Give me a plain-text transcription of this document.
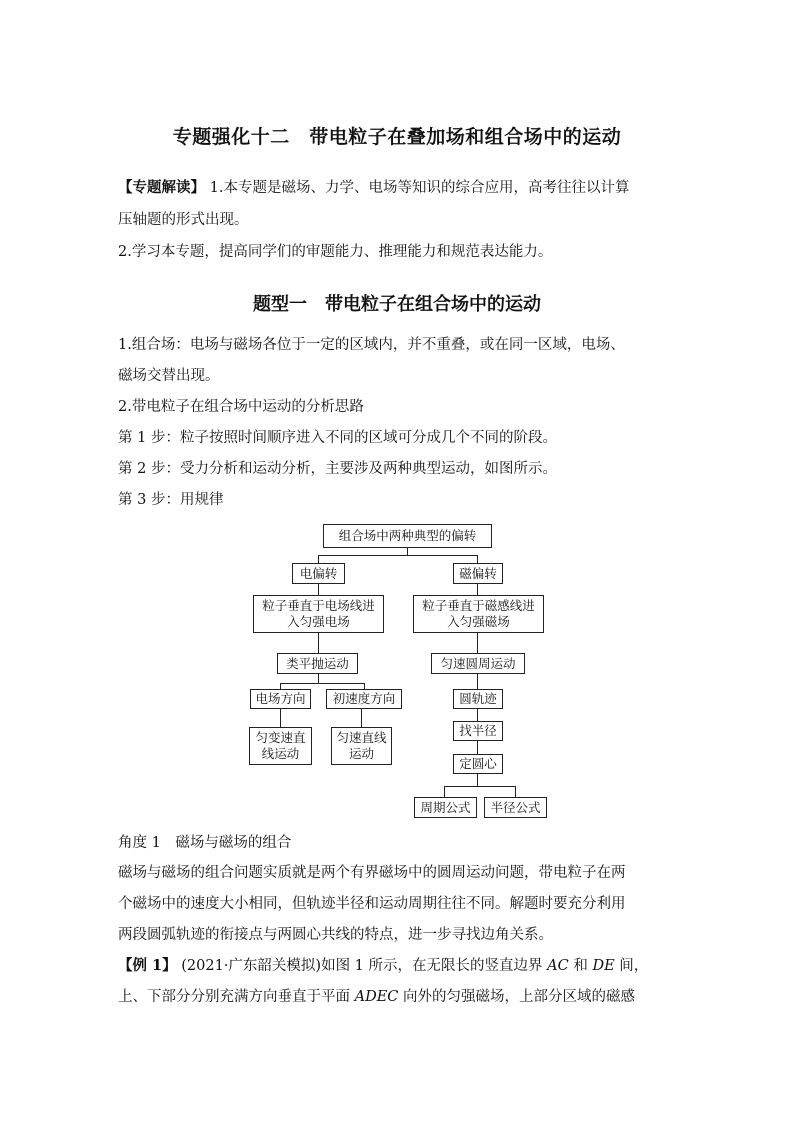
专题强化十二　带电粒子在叠加场和组合场中的运动
【专题解读】 1.本专题是磁场、力学、电场等知识的综合应用，高考往往以计算
压轴题的形式出现。
2.学习本专题，提高同学们的审题能力、推理能力和规范表达能力。
题型一　带电粒子在组合场中的运动
1.组合场：电场与磁场各位于一定的区域内，并不重叠，或在同一区域，电场、
磁场交替出现。
2.带电粒子在组合场中运动的分析思路
第 1 步：粒子按照时间顺序进入不同的区域可分成几个不同的阶段。
第 2 步：受力分析和运动分析，主要涉及两种典型运动，如图所示。
第 3 步：用规律
组合场中两种典型的偏转
电偏转
粒子垂直于电场线进入匀强电场
类平抛运动
电场方向	初速度方向
匀变速直线运动
匀速直线运动
磁偏转
粒子垂直于磁感线进入匀强磁场
匀速圆周运动
圆轨迹
找半径
定圆心
周期公式	半径公式
角度 1　磁场与磁场的组合
磁场与磁场的组合问题实质就是两个有界磁场中的圆周运动问题，带电粒子在两
个磁场中的速度大小相同，但轨迹半径和运动周期往往不同。解题时要充分利用
两段圆弧轨迹的衔接点与两圆心共线的特点，进一步寻找边角关系。
【例 1】 (2021·广东韶关模拟)如图 1 所示，在无限长的竖直边界 AC 和 DE 间，
上、下部分分别充满方向垂直于平面 ADEC 向外的匀强磁场，上部分区域的磁感
